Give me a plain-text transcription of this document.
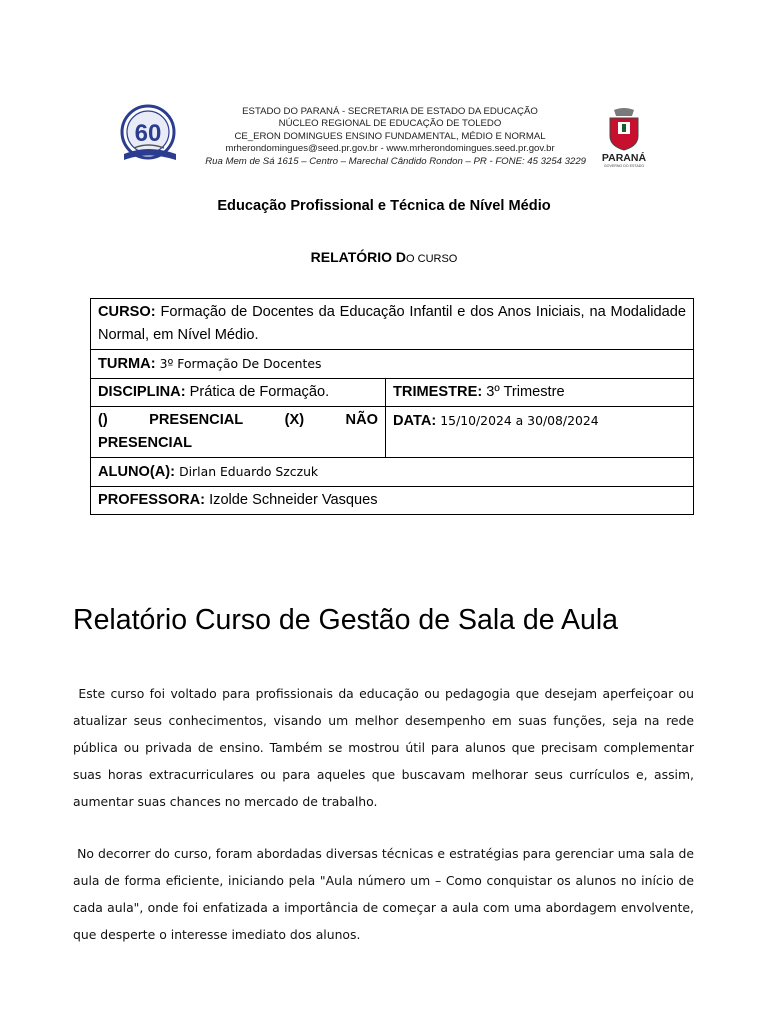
60
ESTADO DO PARANÁ - SECRETARIA DE ESTADO DA EDUCAÇÃO
NÚCLEO REGIONAL DE EDUCAÇÃO DE TOLEDO
CE_ERON DOMINGUES ENSINO FUNDAMENTAL, MÉDIO E NORMAL
mrherondomingues@seed.pr.gov.br - www.mrherondomingues.seed.pr.gov.br
Rua Mem de Sá 1615 – Centro – Marechal Cândido Rondon – PR - FONE: 45 3254 3229	PARANÁ
GOVERNO DO ESTADO
Educação Profissional e Técnica de Nível Médio
RELATÓRIO DO CURSO
CURSO: Formação de Docentes da Educação Infantil e dos Anos Iniciais, na Modalidade Normal, em Nível Médio.	
TURMA: 3º Formação De Docentes	
DISCIPLINA: Prática de Formação.	TRIMESTRE: 3º Trimestre

() PRESENCIAL (X) NÃO
PRESENCIAL	DATA: 15/10/2024 a 30/08/2024
ALUNO(A): Dirlan Eduardo Szczuk	
PROFESSORA: Izolde Schneider Vasques	
Relatório Curso de Gestão de Sala de Aula

Este curso foi voltado para profissionais da educação ou pedagogia que desejam aperfeiçoar ou atualizar seus conhecimentos, visando um melhor desempenho em suas funções, seja na rede pública ou privada de ensino. Também se mostrou útil para alunos que precisam complementar suas horas extracurriculares ou para aqueles que buscavam melhorar seus currículos e, assim, aumentar suas chances no mercado de trabalho.

No decorrer do curso, foram abordadas diversas técnicas e estratégias para gerenciar uma sala de aula de forma eficiente, iniciando pela "Aula número um – Como conquistar os alunos no início de cada aula", onde foi enfatizada a importância de começar a aula com uma abordagem envolvente, que desperte o interesse imediato dos alunos.
